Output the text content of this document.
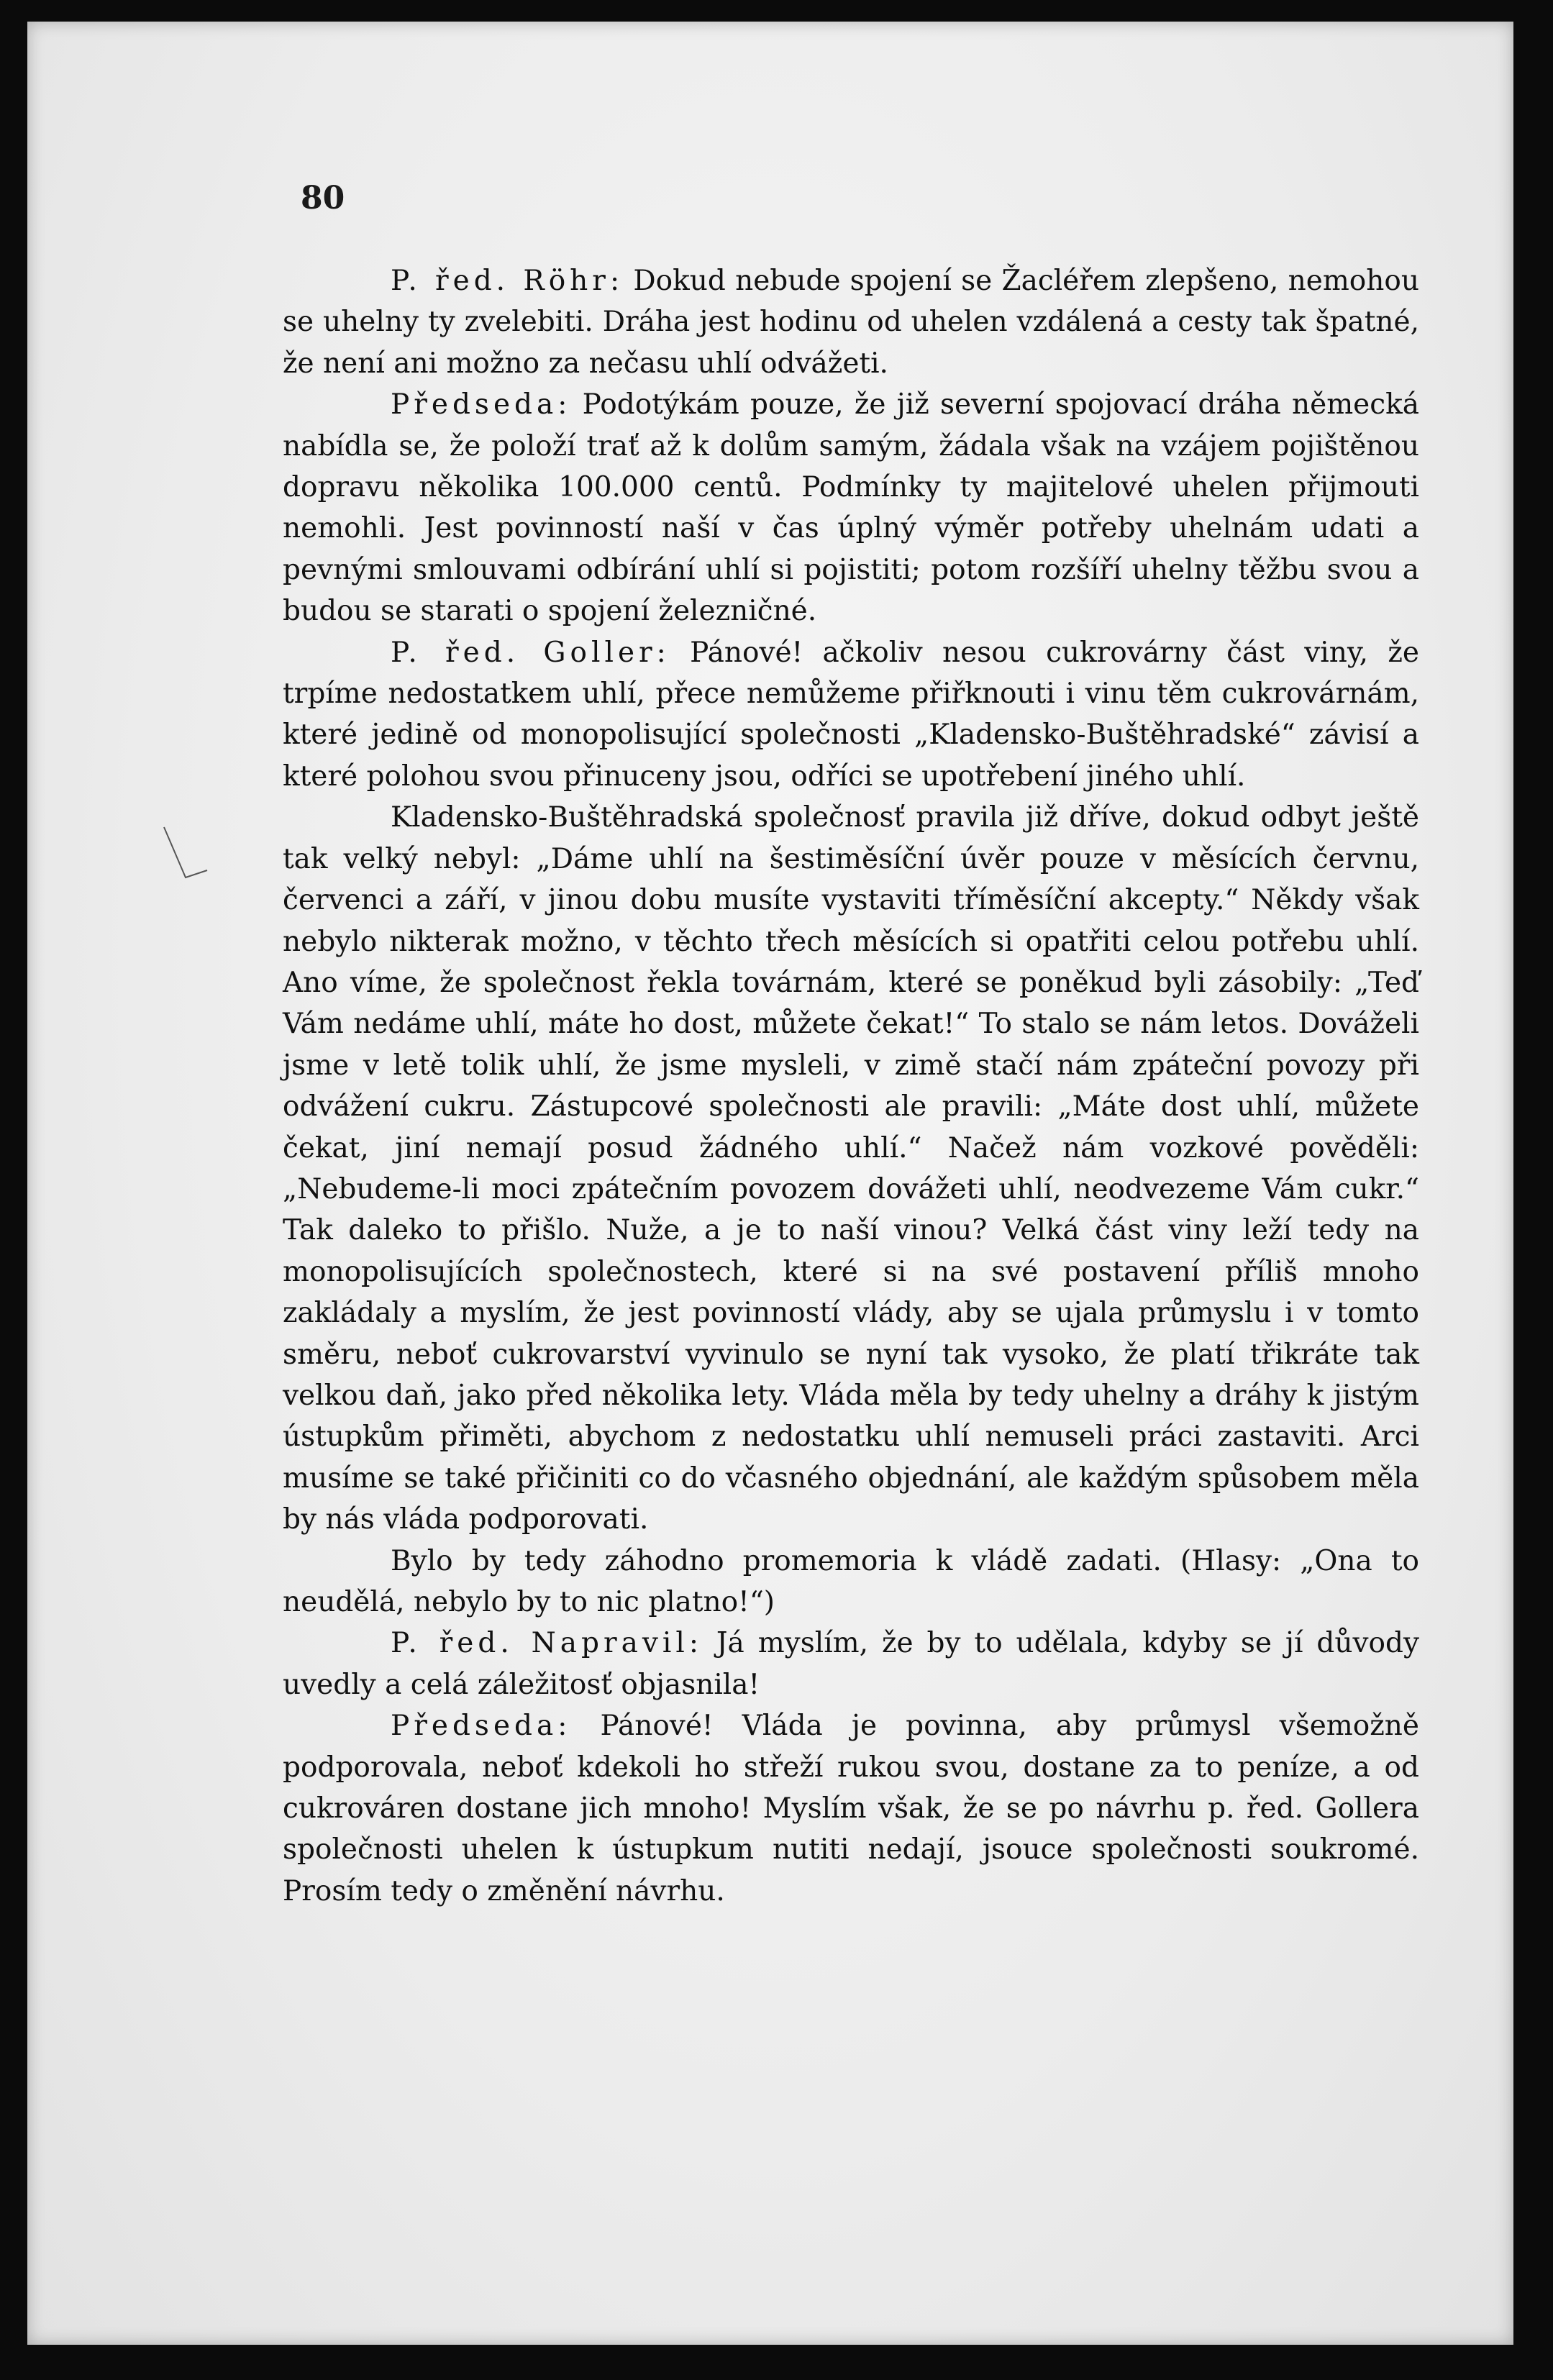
80

P. řed. Röhr: Dokud nebude spojení se Žacléřem zlepšeno, nemohou se uhelny ty zvelebiti. Dráha jest hodinu od uhelen vzdálená a cesty tak špatné, že není ani možno za nečasu uhlí odvážeti.

Předseda: Podotýkám pouze, že již severní spojovací dráha německá nabídla se, že položí trať až k dolům samým, žádala však na vzájem pojištěnou dopravu několika 100.000 centů. Podmínky ty majitelové uhelen přijmouti nemohli. Jest povinností naší v čas úplný výměr potřeby uhelnám udati a pevnými smlouvami odbírání uhlí si pojistiti; potom rozšíří uhelny těžbu svou a budou se starati o spojení železničné.

P. řed. Goller: Pánové! ačkoliv nesou cukrovárny část viny, že trpíme nedostatkem uhlí, přece nemůžeme přiřknouti i vinu těm cukrovárnám, které jedině od monopolisující společnosti „Kladensko-Buštěhradské“ závisí a které polohou svou přinuceny jsou, odříci se upotřebení jiného uhlí.

Kladensko-Buštěhradská společnosť pravila již dříve, dokud odbyt ještě tak velký nebyl: „Dáme uhlí na šestiměsíční úvěr pouze v měsících červnu, červenci a září, v jinou dobu musíte vystaviti tříměsíční akcepty.“ Někdy však nebylo nikterak možno, v těchto třech měsících si opatřiti celou potřebu uhlí. Ano víme, že společnost řekla továrnám, které se poněkud byli zásobily: „Teď Vám nedáme uhlí, máte ho dost, můžete čekat!“ To stalo se nám letos. Dováželi jsme v letě tolik uhlí, že jsme mysleli, v zimě stačí nám zpáteční povozy při odvážení cukru. Zástupcové společnosti ale pravili: „Máte dost uhlí, můžete čekat, jiní nemají posud žádného uhlí.“ Načež nám vozkové pověděli: „Nebudeme-li moci zpátečním povozem dovážeti uhlí, neodvezeme Vám cukr.“ Tak daleko to přišlo. Nuže, a je to naší vinou? Velká část viny leží tedy na monopolisujících společnostech, které si na své postavení příliš mnoho zakládaly a myslím, že jest povinností vlády, aby se ujala průmyslu i v tomto směru, neboť cukrovarství vyvinulo se nyní tak vysoko, že platí třikráte tak velkou daň, jako před několika lety. Vláda měla by tedy uhelny a dráhy k jistým ústupkům přiměti, abychom z nedostatku uhlí nemuseli práci zastaviti. Arci musíme se také přičiniti co do včasného objednání, ale každým spůsobem měla by nás vláda podporovati.

Bylo by tedy záhodno promemoria k vládě zadati. (Hlasy: „Ona to neudělá, nebylo by to nic platno!“)

P. řed. Napravil: Já myslím, že by to udělala, kdyby se jí důvody uvedly a celá záležitosť objasnila!

Předseda: Pánové! Vláda je povinna, aby průmysl všemožně podporovala, neboť kdekoli ho střeží rukou svou, dostane za to peníze, a od cukrováren dostane jich mnoho! Myslím však, že se po návrhu p. řed. Gollera společnosti uhelen k ústupkum nutiti nedají, jsouce společnosti soukromé. Prosím tedy o změnění návrhu.
